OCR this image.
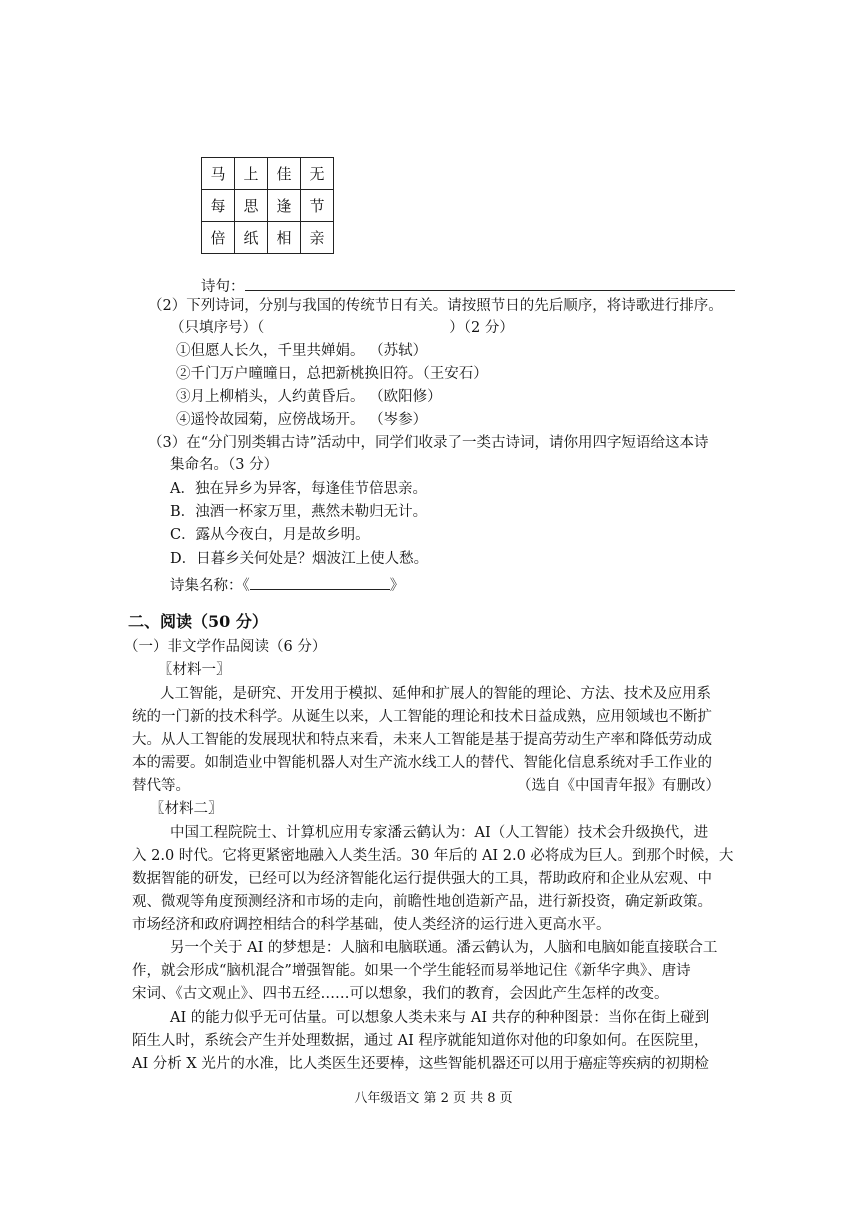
马	上	佳	无
每	思	逢	节
倍	纸	相	亲
诗句：
（2）下列诗词，分别与我国的传统节日有关。请按照节日的先后顺序，将诗歌进行排序。
（只填序号）（	）（2 分）
①但愿人长久，千里共婵娟。 （苏轼）
②千门万户曈曈日，总把新桃换旧符。（王安石）
③月上柳梢头，人约黄昏后。 （欧阳修）
④遥怜故园菊，应傍战场开。 （岑参）
（3）在“分门别类辑古诗”活动中，同学们收录了一类古诗词，请你用四字短语给这本诗
集命名。（3 分）
A．独在异乡为异客，每逢佳节倍思亲。
B．浊酒一杯家万里，燕然未勒归无计。
C．露从今夜白，月是故乡明。
D．日暮乡关何处是？烟波江上使人愁。
诗集名称：《	》
二、阅读（50 分）
（一）非文学作品阅读（6 分）
〖材料一〗
人工智能，是研究、开发用于模拟、延伸和扩展人的智能的理论、方法、技术及应用系
统的一门新的技术科学。从诞生以来，人工智能的理论和技术日益成熟，应用领域也不断扩
大。从人工智能的发展现状和特点来看，未来人工智能是基于提高劳动生产率和降低劳动成
本的需要。如制造业中智能机器人对生产流水线工人的替代、智能化信息系统对手工作业的
替代等。	（选自《中国青年报》有删改）
〖材料二〗
中国工程院院士、计算机应用专家潘云鹤认为：AI（人工智能）技术会升级换代，进
入 2.0 时代。它将更紧密地融入人类生活。30 年后的 AI 2.0 必将成为巨人。到那个时候，大
数据智能的研发，已经可以为经济智能化运行提供强大的工具，帮助政府和企业从宏观、中
观、微观等角度预测经济和市场的走向，前瞻性地创造新产品，进行新投资，确定新政策。
市场经济和政府调控相结合的科学基础，使人类经济的运行进入更高水平。
另一个关于 AI 的梦想是：人脑和电脑联通。潘云鹤认为，人脑和电脑如能直接联合工
作，就会形成“脑机混合”增强智能。如果一个学生能轻而易举地记住《新华字典》、唐诗
宋词、《古文观止》、四书五经……可以想象，我们的教育，会因此产生怎样的改变。
AI 的能力似乎无可估量。可以想象人类未来与 AI 共存的种种图景：当你在街上碰到
陌生人时，系统会产生并处理数据，通过 AI 程序就能知道你对他的印象如何。在医院里，
AI 分析 X 光片的水准，比人类医生还要棒，这些智能机器还可以用于癌症等疾病的初期检
八年级语文 第 2 页 共 8 页
